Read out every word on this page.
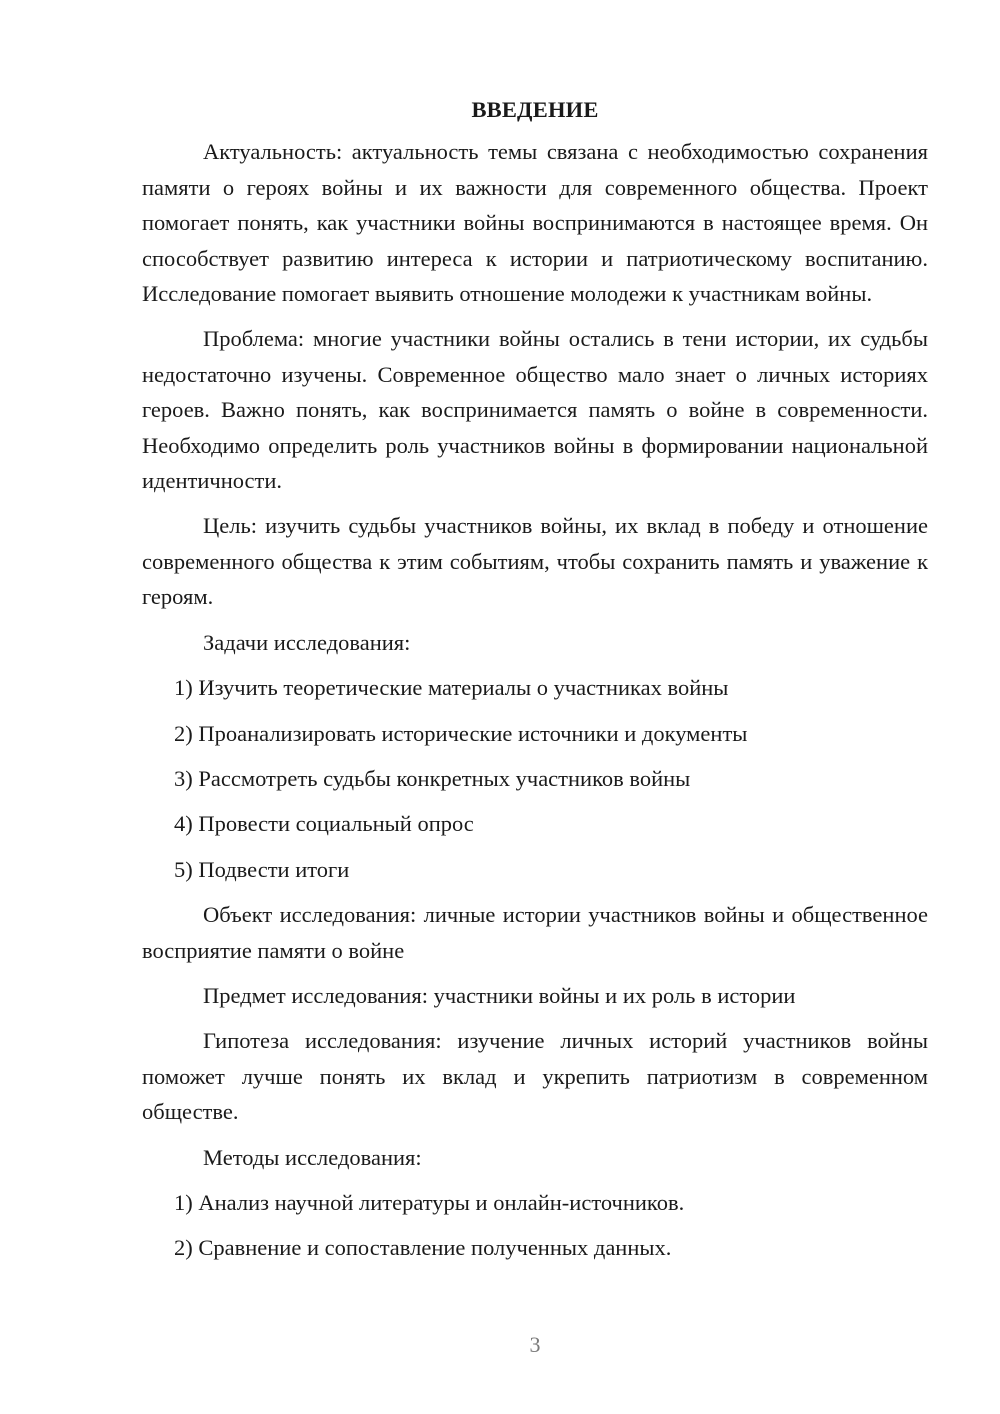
ВВЕДЕНИЕ

Актуальность: актуальность темы связана с необходимостью сохранения памяти о героях войны и их важности для современного общества. Проект помогает понять, как участники войны воспринимаются в настоящее время. Он способствует развитию интереса к истории и патриотическому воспитанию. Исследование помогает выявить отношение молодежи к участникам войны.

Проблема: многие участники войны остались в тени истории, их судьбы недостаточно изучены. Современное общество мало знает о личных историях героев. Важно понять, как воспринимается память о войне в современности. Необходимо определить роль участников войны в формировании национальной идентичности.

Цель: изучить судьбы участников войны, их вклад в победу и отношение современного общества к этим событиям, чтобы сохранить память и уважение к героям.

Задачи исследования:
1) Изучить теоретические материалы о участниках войны
2) Проанализировать исторические источники и документы
3) Рассмотреть судьбы конкретных участников войны
4) Провести социальный опрос
5) Подвести итоги

Объект исследования: личные истории участников войны и общественное восприятие памяти о войне

Предмет исследования: участники войны и их роль в истории

Гипотеза исследования: изучение личных историй участников войны поможет лучше понять их вклад и укрепить патриотизм в современном обществе.

Методы исследования:
1) Анализ научной литературы и онлайн-источников.
2) Сравнение и сопоставление полученных данных.
3
